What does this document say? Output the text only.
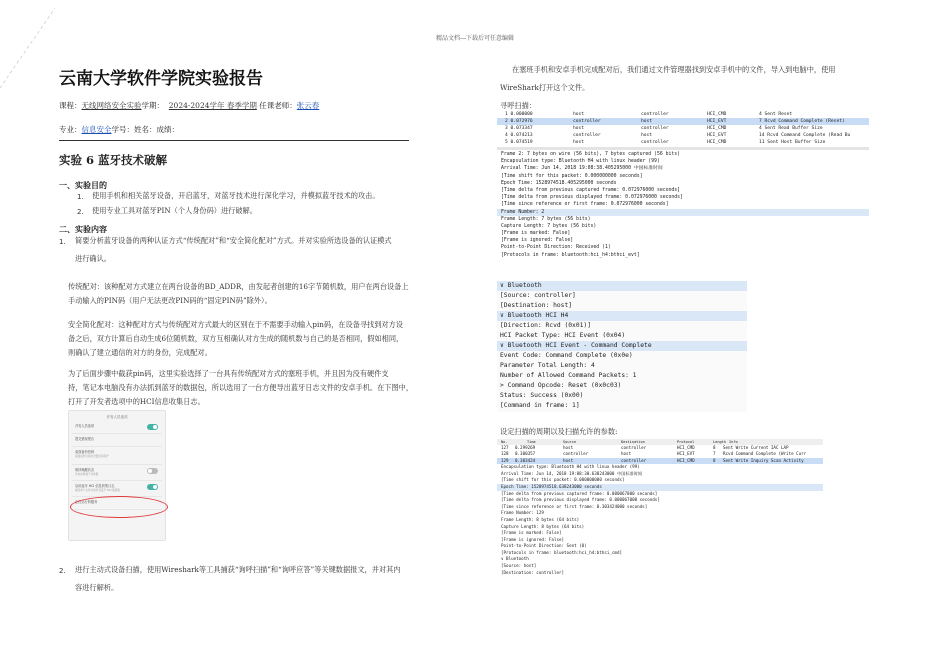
精品文档---下载后可任意编辑
云南大学软件学院实验报告
课程：无线网络安全实验学期： 2024-2024学年 春季学期 任课老师：张云春
专业：信息安全学号：姓名：成绩：
实验 6 蓝牙技术破解
一、实验目的
1. 使用手机和相关蓝牙设备，开启蓝牙，对蓝牙技术进行深化学习，并模拟蓝牙技术的攻击。
2. 使用专业工具对蓝牙PIN（个人身份码）进行破解。
二、实验内容
1. 简要分析蓝牙设备的两种认证方式“传统配对”和“安全简化配对”方式。并对实验所选设备的认证模式
进行确认。
传统配对：该种配对方式建立在两台设备的BD_ADDR，由发起者创建的16字节随机数，用户在两台设备上
手动输入的PIN码（用户无法更改PIN码的“固定PIN码”除外）。
安全简化配对：这种配对方式与传统配对方式最大的区别在于不需要手动输入pin码，在设备寻找到对方设
备之后，双方计算后自动生成6位随机数，双方互相确认对方生成的随机数与自己的是否相同，假如相同，
则确认了建立通信的对方的身份，完成配对。
为了后面步骤中截获pin码，这里实验选择了一台具有传统配对方式的塞班手机，并且因为没有硬件支
持，笔记本电脑没有办法抓到蓝牙的数据包，所以选用了一台方便导出蓝牙日志文件的安卓手机。在下图中，
打开了开发者选项中的HCI信息收集日志。
开发人员选项
开发人员选项
提交错误报告
桌面备份密码
桌面备份目前未设置密码保护
保持唤醒状态
充电时屏幕不会休眠
启用蓝牙 HCI 信息收集日志
捕获单个文件中的所有蓝牙 HCI 数据包
正在运行的服务
2. 进行主动式设备扫描，使用Wireshark等工具捕获“询呼扫描”和“询呼应答”等关键数据报文，并对其内
容进行解析。
在塞班手机和安卓手机完成配对后，我们通过文件管理器找到安卓手机中的文件，导入到电脑中，使用
WireShark打开这个文件。
寻呼扫描：
1 0.000000	host	controller	HCI_CMD	4 Sent Reset
2 0.072976	controller	host	HCI_EVT	7 Rcvd Command Complete (Reset)
3 0.073347	host	controller	HCI_CMD	4 Sent Read Buffer Size
4 0.074213	controller	host	HCI_EVT	14 Rcvd Command Complete (Read Bu
5 0.074519	host	controller	HCI_CMD	11 Sent Host Buffer Size
Frame 2: 7 bytes on wire (56 bits), 7 bytes captured (56 bits)
Encapsulation type: Bluetooth H4 with linux header (99)
Arrival Time: Jun 14, 2018 19:08:38.405295000 中国标准时间
[Time shift for this packet: 0.000000000 seconds]
Epoch Time: 1528974518.405295000 seconds
[Time delta from previous captured frame: 0.072976000 seconds]
[Time delta from previous displayed frame: 0.072976000 seconds]
[Time since reference or first frame: 0.072976000 seconds]
Frame Number: 2
Frame Length: 7 bytes (56 bits)
Capture Length: 7 bytes (56 bits)
[Frame is marked: False]
[Frame is ignored: False]
Point-to-Point Direction: Received (1)
[Protocols in frame: bluetooth:hci_h4:bthci_evt]
∨ Bluetooth
[Source: controller]
[Destination: host]
∨ Bluetooth HCI H4
[Direction: Rcvd (0x01)]
HCI Packet Type: HCI Event (0x04)
∨ Bluetooth HCI Event - Command Complete
Event Code: Command Complete (0x0e)
Parameter Total Length: 4
Number of Allowed Command Packets: 1
> Command Opcode: Reset (0x0c03)
Status: Success (0x00)
[Command in frame: 1]
设定扫描的周期以及扫描允许的参数:
No.	Time	Source	Destination	Protocol	Length Info
127 0.299269	host	controller	HCI_CMD	8 Sent Write Current IAC LAP
128 0.300357	controller	host	HCI_EVT	7 Rcvd Command Complete (Write Curr
129 0.303424	host	controller	HCI_CMD	8 Sent Write Inquiry Scan Activity
Encapsulation type: Bluetooth H4 with linux header (99)
Arrival Time: Jun 14, 2018 19:08:38.638243000 中国标准时间
[Time shift for this packet: 0.000000000 seconds]
Epoch Time: 1528974518.638243000 seconds
[Time delta from previous captured frame: 0.000067000 seconds]
[Time delta from previous displayed frame: 0.000067000 seconds]
[Time since reference or first frame: 0.303424000 seconds]
Frame Number: 129
Frame Length: 8 bytes (64 bits)
Capture Length: 8 bytes (64 bits)
[Frame is marked: False]
[Frame is ignored: False]
Point-to-Point Direction: Sent (0)
[Protocols in frame: bluetooth:hci_h4:bthci_cmd]
∨ Bluetooth
[Source: host]
[Destination: controller]
